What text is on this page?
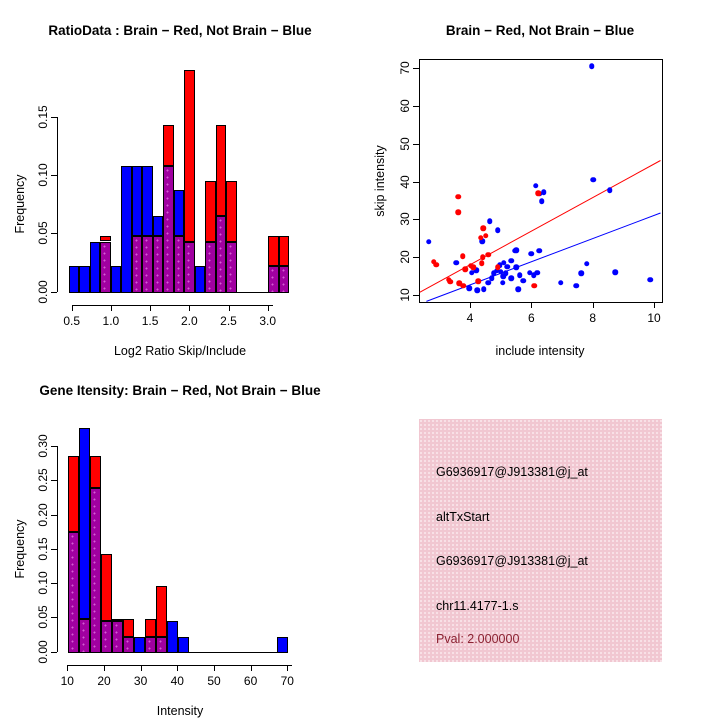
RatioData : Brain − Red, Not Brain − Blue
Frequency
Log2 Ratio Skip/Include
0.5 1.0 1.5 2.0 2.5 3.0
0.00
0.05
0.10
0.15
Brain − Red, Not Brain − Blue
skip intensity
include intensity
4	6	8	10
10
20
30
40
50
60
70
Gene Itensity: Brain − Red, Not Brain − Blue
Frequency
Intensity
10 20 30 40 50 60 70
0.00
0.05
0.10
0.15
0.20
0.25
0.30
G6936917@J913381@j_at
altTxStart
G6936917@J913381@j_at
chr11.4177-1.s
Pval: 2.000000
